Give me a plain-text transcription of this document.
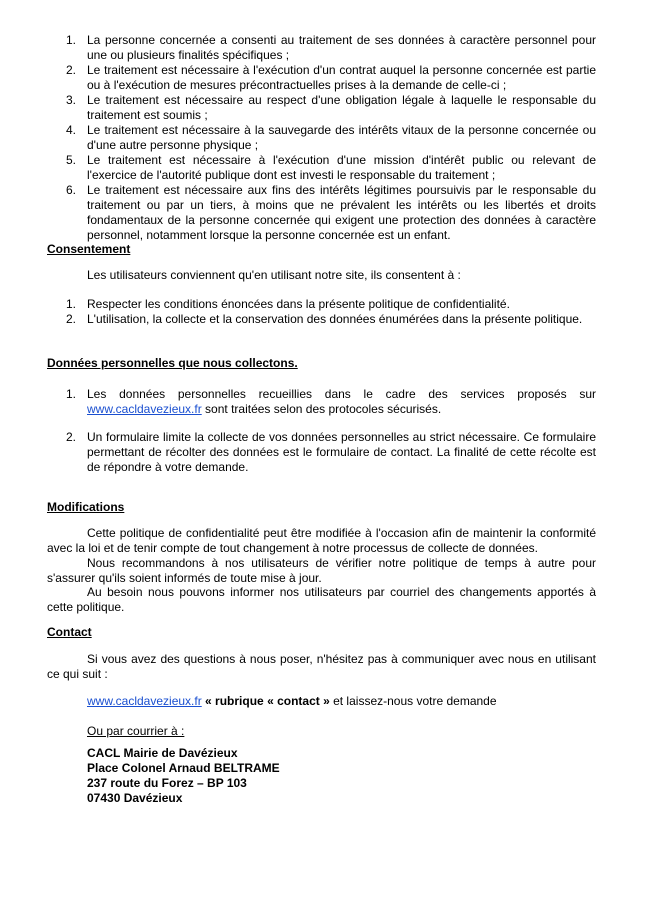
1. La personne concernée a consenti au traitement de ses données à caractère personnel pour une ou plusieurs finalités spécifiques ;
2. Le traitement est nécessaire à l'exécution d'un contrat auquel la personne concernée est partie ou à l'exécution de mesures précontractuelles prises à la demande de celle-ci ;
3. Le traitement est nécessaire au respect d'une obligation légale à laquelle le responsable du traitement est soumis ;
4. Le traitement est nécessaire à la sauvegarde des intérêts vitaux de la personne concernée ou d'une autre personne physique ;
5. Le traitement est nécessaire à l'exécution d'une mission d'intérêt public ou relevant de l'exercice de l'autorité publique dont est investi le responsable du traitement ;
6. Le traitement est nécessaire aux fins des intérêts légitimes poursuivis par le responsable du traitement ou par un tiers, à moins que ne prévalent les intérêts ou les libertés et droits fondamentaux de la personne concernée qui exigent une protection des données à caractère personnel, notamment lorsque la personne concernée est un enfant.
Consentement
Les utilisateurs conviennent qu'en utilisant notre site, ils consentent à :
1. Respecter les conditions énoncées dans la présente politique de confidentialité.
2. L'utilisation, la collecte et la conservation des données énumérées dans la présente politique.
Données personnelles que nous collectons.
1. Les données personnelles recueillies dans le cadre des services proposés sur www.cacldavezieux.fr sont traitées selon des protocoles sécurisés.
2. Un formulaire limite la collecte de vos données personnelles au strict nécessaire. Ce formulaire permettant de récolter des données est le formulaire de contact. La finalité de cette récolte est de répondre à votre demande.
Modifications
Cette politique de confidentialité peut être modifiée à l'occasion afin de maintenir la conformité avec la loi et de tenir compte de tout changement à notre processus de collecte de données.
Nous recommandons à nos utilisateurs de vérifier notre politique de temps à autre pour s'assurer qu'ils soient informés de toute mise à jour.
Au besoin nous pouvons informer nos utilisateurs par courriel des changements apportés à cette politique.
Contact
Si vous avez des questions à nous poser, n'hésitez pas à communiquer avec nous en utilisant ce qui suit :
www.cacldavezieux.fr « rubrique « contact » et laissez-nous votre demande
Ou par courrier à :
CACL Mairie de Davézieux
Place Colonel Arnaud BELTRAME
237 route du Forez – BP 103
07430 Davézieux
